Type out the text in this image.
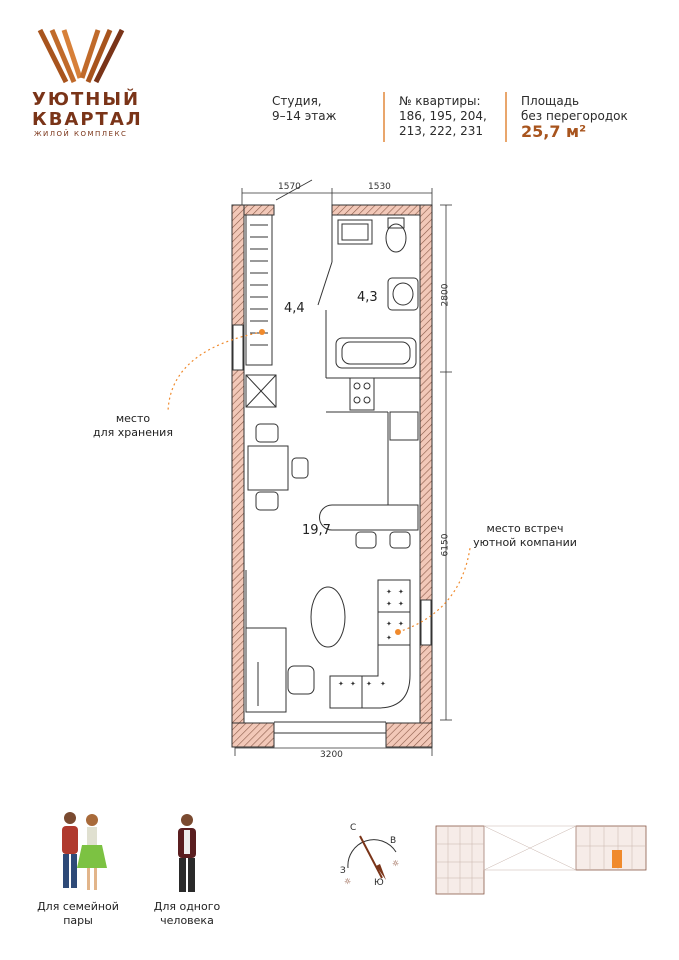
УЮТНЫЙ
КВАРТАЛ
ЖИЛОЙ КОМПЛЕКС
Студия,
9–14 этаж
№ квартиры:
186, 195, 204,
213, 222, 231
Площадь
без перегородок
25,7 м²
✦ ✦
✦ ✦
✦ ✦
✦
✦ ✦ ✦ ✦
1570	1530
2800
6150
3200
4,4
4,3
19,7
место
для хранения
место встреч
уютной компании
Для семейной
пары
Для одного
человека
☼
☼
С
В
Ю
З
